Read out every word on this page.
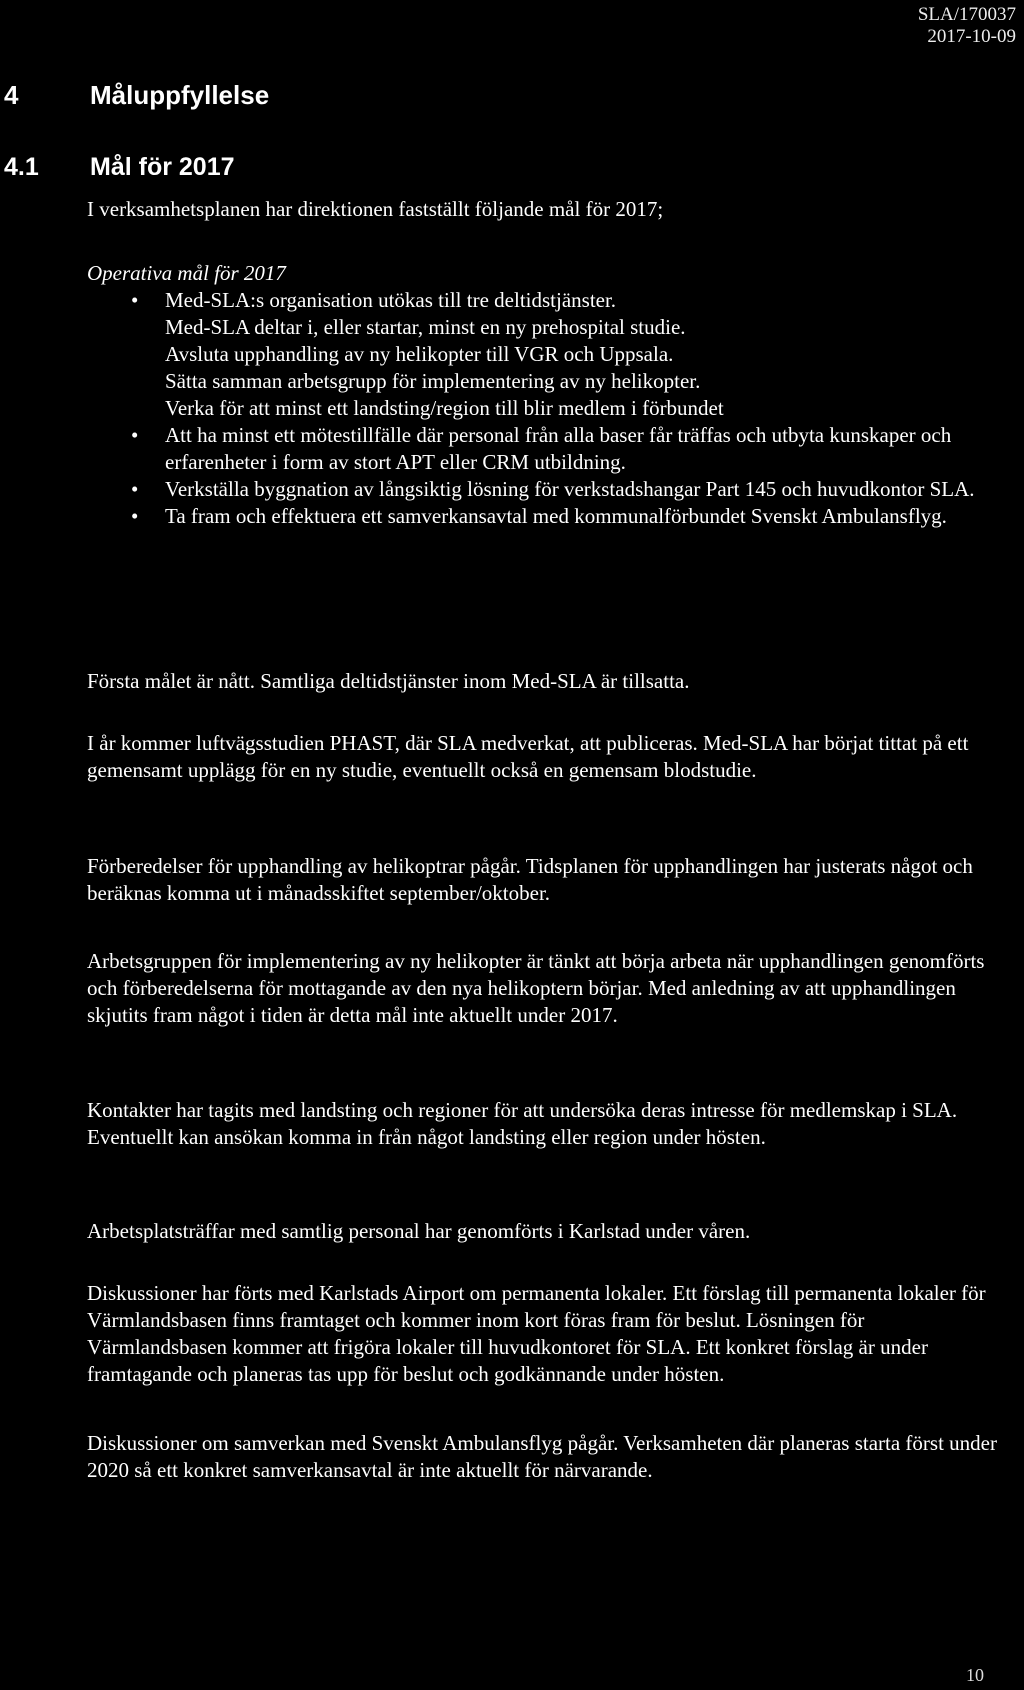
SLA/170037
2017-10-09
4	Måluppfyllelse
4.1 Mål för 2017
I verksamhetsplanen har direktionen fastställt följande mål för 2017;
Operativa mål för 2017
• Med-SLA:s organisation utökas till tre deltidstjänster.
Med-SLA deltar i, eller startar, minst en ny prehospital studie.
Avsluta upphandling av ny helikopter till VGR och Uppsala.
Sätta samman arbetsgrupp för implementering av ny helikopter.
Verka för att minst ett landsting/region till blir medlem i förbundet
• Att ha minst ett mötestillfälle där personal från alla baser får träffas och utbyta kunskaper och erfarenheter i form av stort APT eller CRM utbildning.
• Verkställa byggnation av långsiktig lösning för verkstadshangar Part 145 och huvudkontor SLA.
• Ta fram och effektuera ett samverkansavtal med kommunalförbundet Svenskt Ambulansflyg.

Första målet är nått. Samtliga deltidstjänster inom Med-SLA är tillsatta.

I år kommer luftvägsstudien PHAST, där SLA medverkat, att publiceras. Med-SLA har börjat tittat på ett gemensamt upplägg för en ny studie, eventuellt också en gemensam blodstudie.

Förberedelser för upphandling av helikoptrar pågår. Tidsplanen för upphandlingen har justerats något och beräknas komma ut i månadsskiftet september/oktober.

Arbetsgruppen för implementering av ny helikopter är tänkt att börja arbeta när upphandlingen genomförts och förberedelserna för mottagande av den nya helikoptern börjar. Med anledning av att upphandlingen skjutits fram något i tiden är detta mål inte aktuellt under 2017.

Kontakter har tagits med landsting och regioner för att undersöka deras intresse för medlemskap i SLA. Eventuellt kan ansökan komma in från något landsting eller region under hösten.

Arbetsplatsträffar med samtlig personal har genomförts i Karlstad under våren.

Diskussioner har förts med Karlstads Airport om permanenta lokaler. Ett förslag till permanenta lokaler för Värmlandsbasen finns framtaget och kommer inom kort föras fram för beslut. Lösningen för Värmlandsbasen kommer att frigöra lokaler till huvudkontoret för SLA. Ett konkret förslag är under framtagande och planeras tas upp för beslut och godkännande under hösten.

Diskussioner om samverkan med Svenskt Ambulansflyg pågår. Verksamheten där planeras starta först under 2020 så ett konkret samverkansavtal är inte aktuellt för närvarande.

10
